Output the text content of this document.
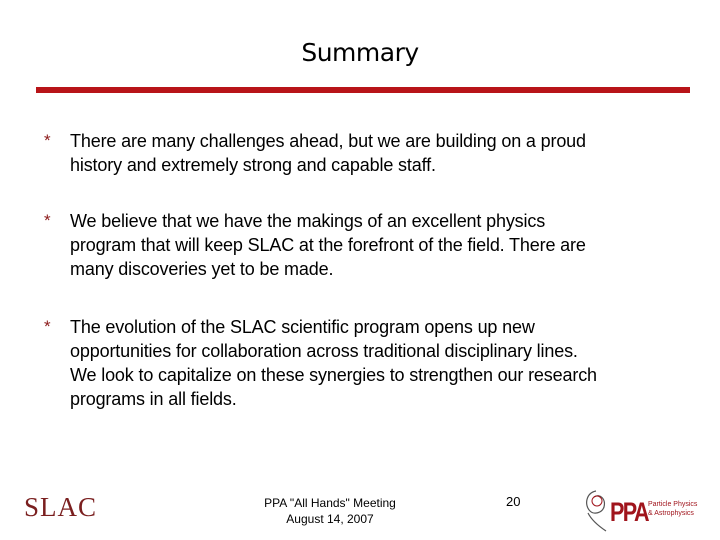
Summary
* There are many challenges ahead, but we are building on a proud
history and extremely strong and capable staff.
* We believe that we have the makings of an excellent physics
program that will keep SLAC at the forefront of the field. There are
many discoveries yet to be made.
* The evolution of the SLAC scientific program opens up new
opportunities for collaboration across traditional disciplinary lines.
We look to capitalize on these synergies to strengthen our research
programs in all fields.
SLAC	PPA "All Hands" Meeting
August 14, 2007
20	PPA Particle Physics
& Astrophysics
